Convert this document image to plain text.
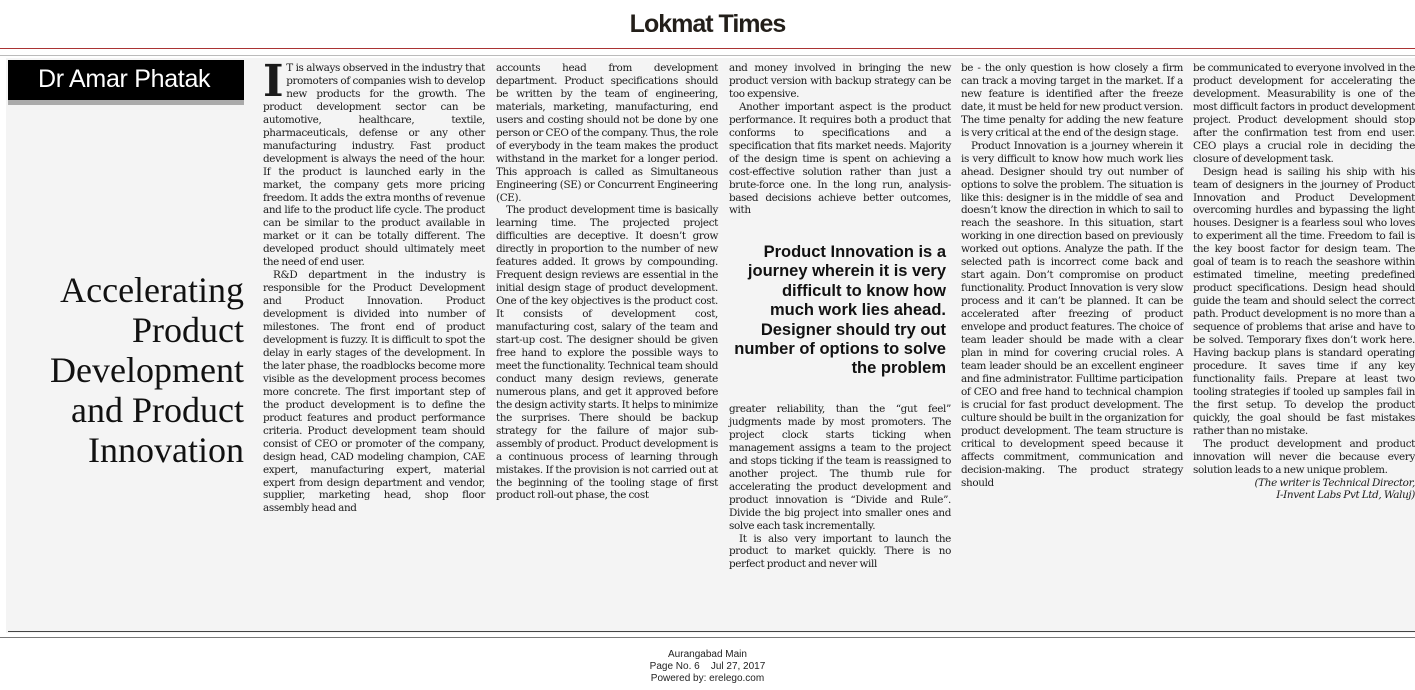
Lokmat Times
Dr Amar Phatak
Accelerating
Product
Development
and Product
Innovation

I T is always observed in the industry that promoters of companies wish to develop new products for the growth. The product development sector can be automotive, healthcare, textile, pharmaceuticals, defense or any other manufacturing industry. Fast product development is always the need of the hour. If the product is launched early in the market, the company gets more pricing freedom. It adds the extra months of revenue and life to the product life cycle. The product can be similar to the product available in market or it can be totally different. The developed product should ultimately meet the need of end user.

R&D department in the industry is responsible for the Product Development and Product Innovation. Product development is divided into number of milestones. The front end of product development is fuzzy. It is difficult to spot the delay in early stages of the development. In the later phase, the roadblocks become more visible as the development process becomes more concrete. The first important step of the product development is to define the product features and product performance criteria. Product development team should consist of CEO or promoter of the company, design head, CAD modeling champion, CAE expert, manufacturing expert, material expert from design department and vendor, supplier, marketing head, shop floor assembly head and

accounts head from development department. Product specifications should be written by the team of engineering, materials, marketing, manufacturing, end users and costing should not be done by one person or CEO of the company. Thus, the role of everybody in the team makes the product withstand in the market for a longer period. This approach is called as Simultaneous Engineering (SE) or Concurrent Engineering (CE).

The product development time is basically learning time. The projected project difficulties are deceptive. It doesn’t grow directly in proportion to the number of new features added. It grows by compounding. Frequent design reviews are essential in the initial design stage of product development. One of the key objectives is the product cost. It consists of development cost, manufacturing cost, salary of the team and start-up cost. The designer should be given free hand to explore the possible ways to meet the functionality. Technical team should conduct many design reviews, generate numerous plans, and get it approved before the design activity starts. It helps to minimize the surprises. There should be backup strategy for the failure of major sub-assembly of product. Product development is a continuous process of learning through mistakes. If the provision is not carried out at the beginning of the tooling stage of first product roll-out phase, the cost

and money involved in bringing the new product version with backup strategy can be too expensive.

Another important aspect is the product performance. It requires both a product that conforms to specifications and a specification that fits market needs. Majority of the design time is spent on achieving a cost-effective solution rather than just a brute-force one. In the long run, analysis-based decisions achieve better outcomes, with

Product Innovation is a journey wherein it is very difficult to know how much work lies ahead. Designer should try out number of options to solve the problem

greater reliability, than the “gut feel” judgments made by most promoters. The project clock starts ticking when management assigns a team to the project and stops ticking if the team is reassigned to another project. The thumb rule for accelerating the product development and product innovation is “Divide and Rule”. Divide the big project into smaller ones and solve each task incrementally.

It is also very important to launch the product to market quickly. There is no perfect product and never will

be - the only question is how closely a firm can track a moving target in the market. If a new feature is identified after the freeze date, it must be held for new product version. The time penalty for adding the new feature is very critical at the end of the design stage.

Product Innovation is a journey wherein it is very difficult to know how much work lies ahead. Designer should try out number of options to solve the problem. The situation is like this: designer is in the middle of sea and doesn’t know the direction in which to sail to reach the seashore. In this situation, start working in one direction based on previously worked out options. Analyze the path. If the selected path is incorrect come back and start again. Don’t compromise on product functionality. Product Innovation is very slow process and it can’t be planned. It can be accelerated after freezing of product envelope and product features. The choice of team leader should be made with a clear plan in mind for covering crucial roles. A team leader should be an excellent engineer and fine administrator. Fulltime participation of CEO and free hand to technical champion is crucial for fast product development. The culture should be built in the organization for product development. The team structure is critical to development speed because it affects commitment, communication and decision-making. The product strategy should

be communicated to everyone involved in the product development for accelerating the development. Measurability is one of the most difficult factors in product development project. Product development should stop after the confirmation test from end user. CEO plays a crucial role in deciding the closure of development task.

Design head is sailing his ship with his team of designers in the journey of Product Innovation and Product Development overcoming hurdles and bypassing the light houses. Designer is a fearless soul who loves to experiment all the time. Freedom to fail is the key boost factor for design team. The goal of team is to reach the seashore within estimated timeline, meeting predefined product specifications. Design head should guide the team and should select the correct path. Product development is no more than a sequence of problems that arise and have to be solved. Temporary fixes don’t work here. Having backup plans is standard operating procedure. It saves time if any key functionality fails. Prepare at least two tooling strategies if tooled up samples fail in the first setup. To develop the product quickly, the goal should be fast mistakes rather than no mistake.

The product development and product innovation will never die because every solution leads to a new unique problem.

(The writer is Technical Director,

I-Invent Labs Pvt Ltd, Waluj)

Aurangabad Main
Page No. 6    Jul 27, 2017
Powered by: erelego.com
